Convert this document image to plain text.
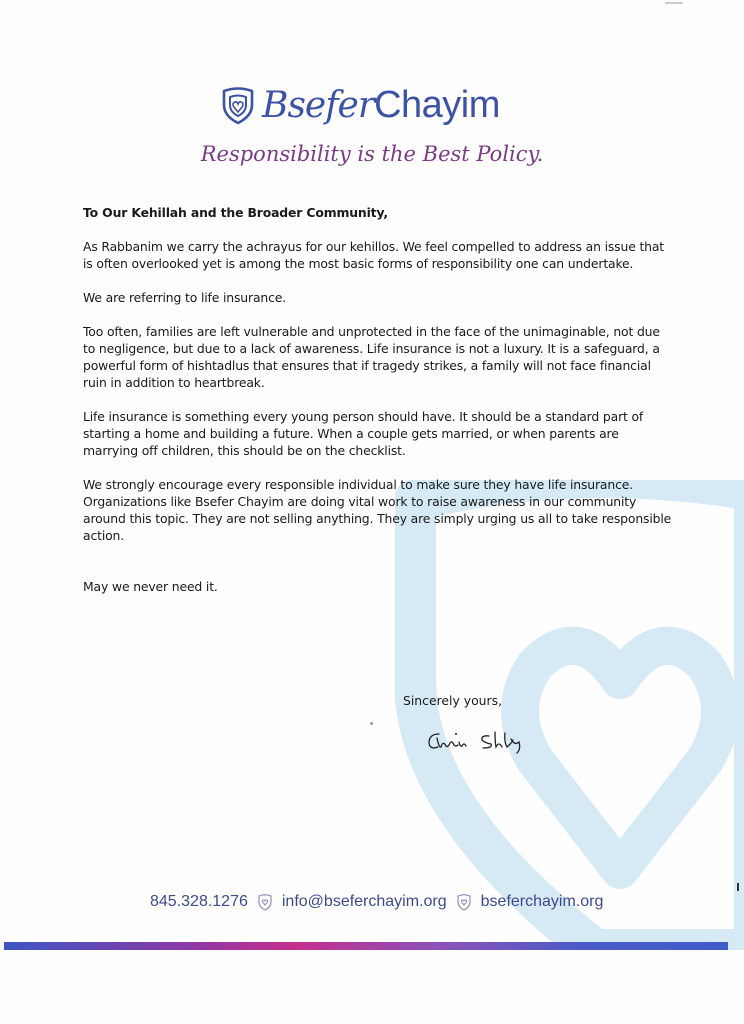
Bsefer Chayim
Responsibility is the Best Policy.

To Our Kehillah and the Broader Community,

As Rabbanim we carry the achrayus for our kehillos. We feel compelled to address an issue that is often overlooked yet is among the most basic forms of responsibility one can undertake.

We are referring to life insurance.

Too often, families are left vulnerable and unprotected in the face of the unimaginable, not due to negligence, but due to a lack of awareness. Life insurance is not a luxury. It is a safeguard, a powerful form of hishtadlus that ensures that if tragedy strikes, a family will not face financial ruin in addition to heartbreak.

Life insurance is something every young person should have. It should be a standard part of starting a home and building a future. When a couple gets married, or when parents are marrying off children, this should be on the checklist.

We strongly encourage every responsible individual to make sure they have life insurance. Organizations like Bsefer Chayim are doing vital work to raise awareness in our community around this topic. They are not selling anything. They are simply urging us all to take responsible action.

May we never need it.

Sincerely yours,
845.328.1276 info@bseferchayim.org bseferchayim.org
